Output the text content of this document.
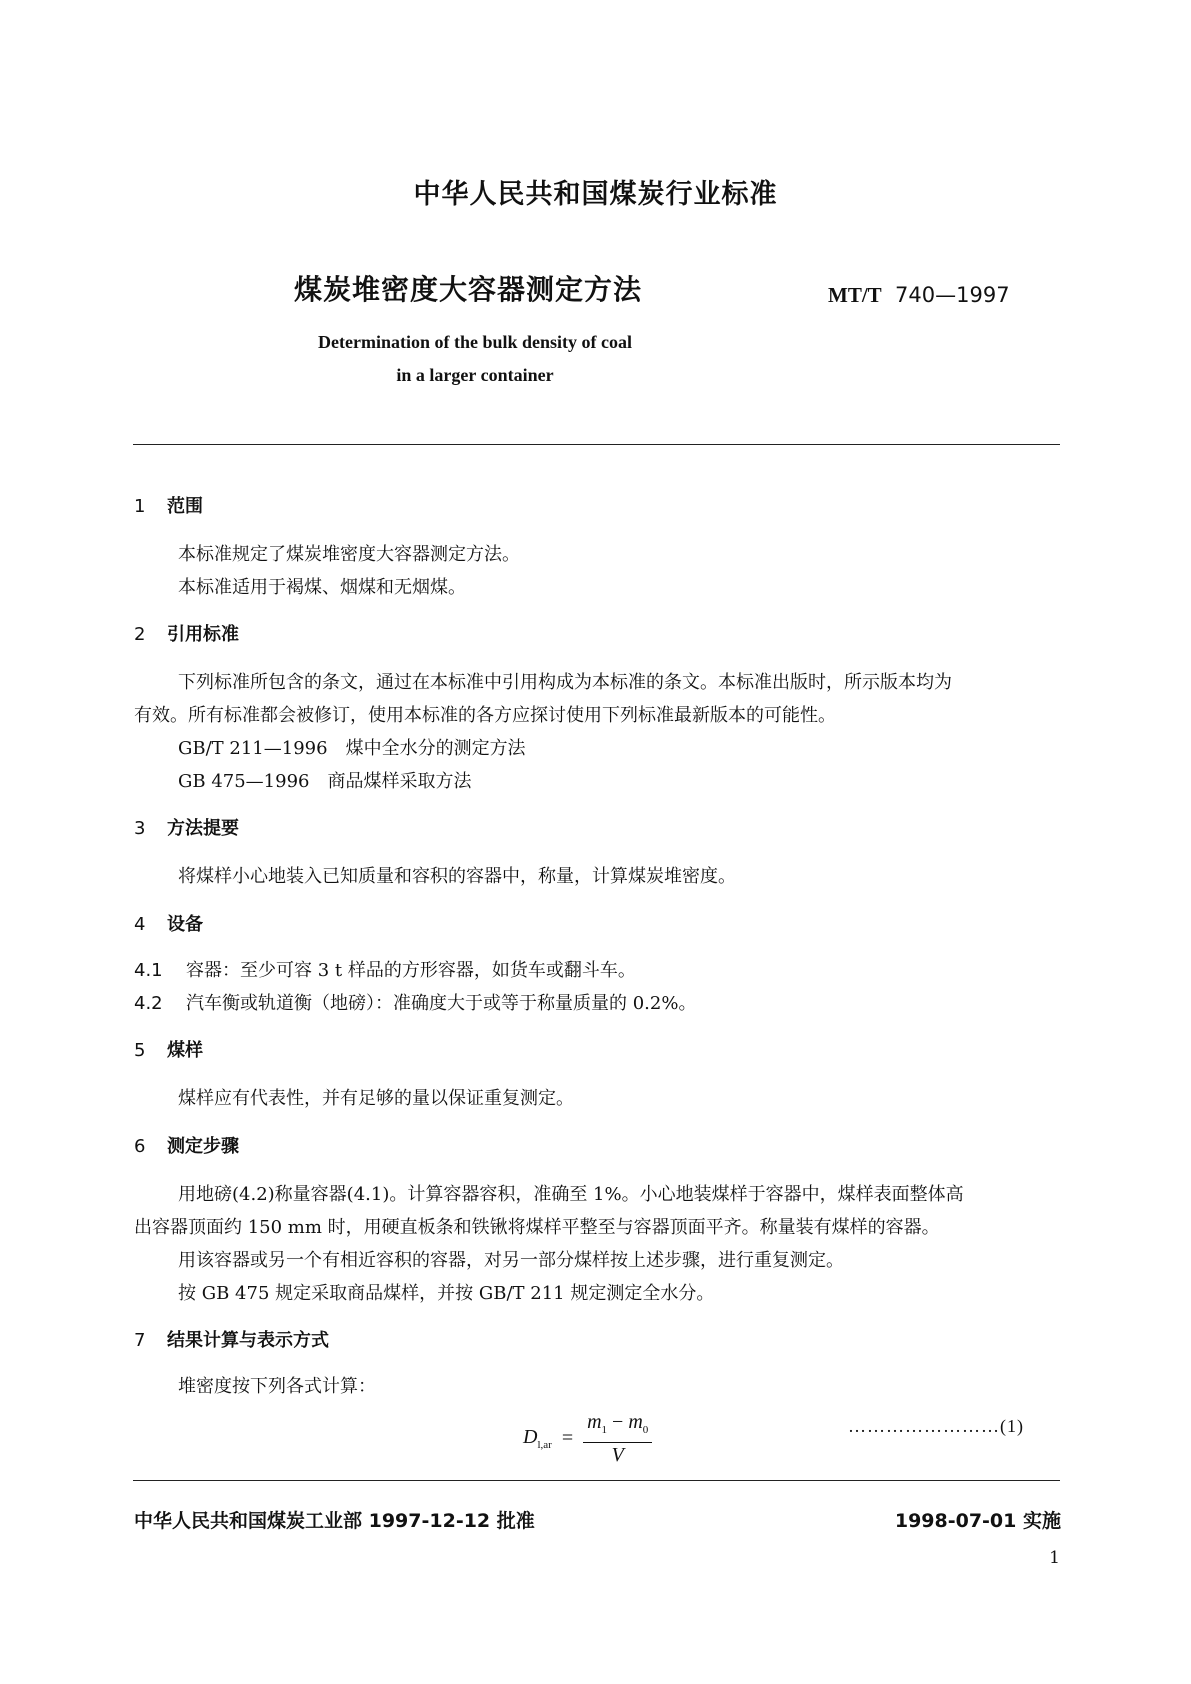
中华人民共和国煤炭行业标准
煤炭堆密度大容器测定方法	MT/T 740—1997
Determination of the bulk density of coal
in a larger container
1 范围
本标准规定了煤炭堆密度大容器测定方法。
本标准适用于褐煤、烟煤和无烟煤。
2 引用标准
下列标准所包含的条文，通过在本标准中引用构成为本标准的条文。本标准出版时，所示版本均为
有效。所有标准都会被修订，使用本标准的各方应探讨使用下列标准最新版本的可能性。
GB/T 211—1996　煤中全水分的测定方法
GB 475—1996　商品煤样采取方法
3 方法提要
将煤样小心地装入已知质量和容积的容器中，称量，计算煤炭堆密度。
4 设备
4.1 容器：至少可容 3 t 样品的方形容器，如货车或翻斗车。
4.2 汽车衡或轨道衡（地磅）：准确度大于或等于称量质量的 0.2%。
5 煤样
煤样应有代表性，并有足够的量以保证重复测定。
6 测定步骤
用地磅(4.2)称量容器(4.1)。计算容器容积，准确至 1%。小心地装煤样于容器中，煤样表面整体高
出容器顶面约 150 mm 时，用硬直板条和铁锹将煤样平整至与容器顶面平齐。称量装有煤样的容器。
用该容器或另一个有相近容积的容器，对另一部分煤样按上述步骤，进行重复测定。
按 GB 475 规定采取商品煤样，并按 GB/T 211 规定测定全水分。
7 结果计算与表示方式
堆密度按下列各式计算：
$D_{l,ar} = \frac{m_1 - m_0}{V}$	……………………(1)
中华人民共和国煤炭工业部 1997-12-12 批准	1998-07-01 实施
1
